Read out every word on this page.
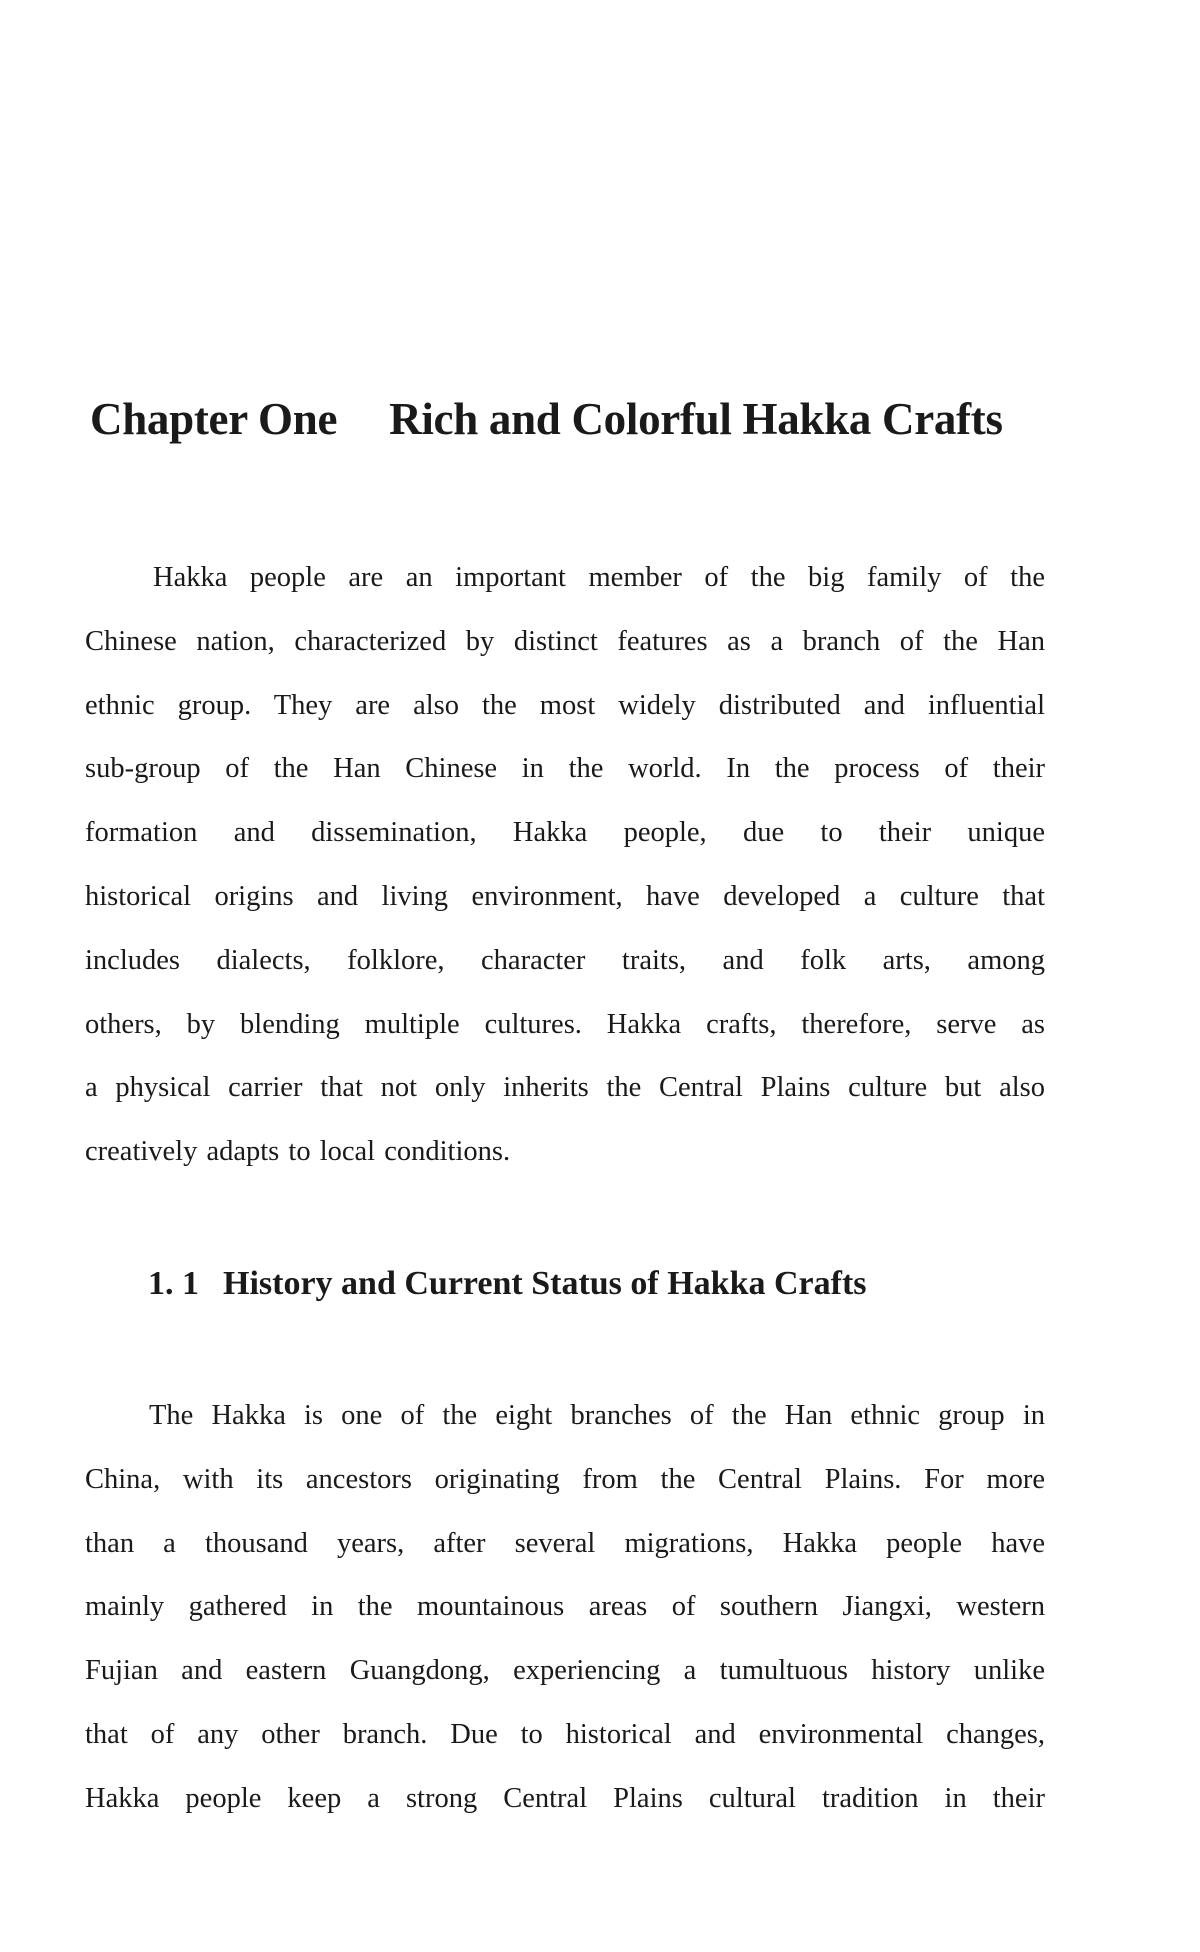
Chapter One Rich and Colorful Hakka Crafts
Hakka people are an important member of the big family of the
Chinese nation, characterized by distinct features as a branch of the Han
ethnic group. They are also the most widely distributed and influential
sub-group of the Han Chinese in the world. In the process of their
formation and dissemination, Hakka people, due to their unique
historical origins and living environment, have developed a culture that
includes dialects, folklore, character traits, and folk arts, among
others, by blending multiple cultures. Hakka crafts, therefore, serve as
a physical carrier that not only inherits the Central Plains culture but also
creatively adapts to local conditions.
1. 1 History and Current Status of Hakka Crafts
The Hakka is one of the eight branches of the Han ethnic group in
China, with its ancestors originating from the Central Plains. For more
than a thousand years, after several migrations, Hakka people have
mainly gathered in the mountainous areas of southern Jiangxi, western
Fujian and eastern Guangdong, experiencing a tumultuous history unlike
that of any other branch. Due to historical and environmental changes,
Hakka people keep a strong Central Plains cultural tradition in their
